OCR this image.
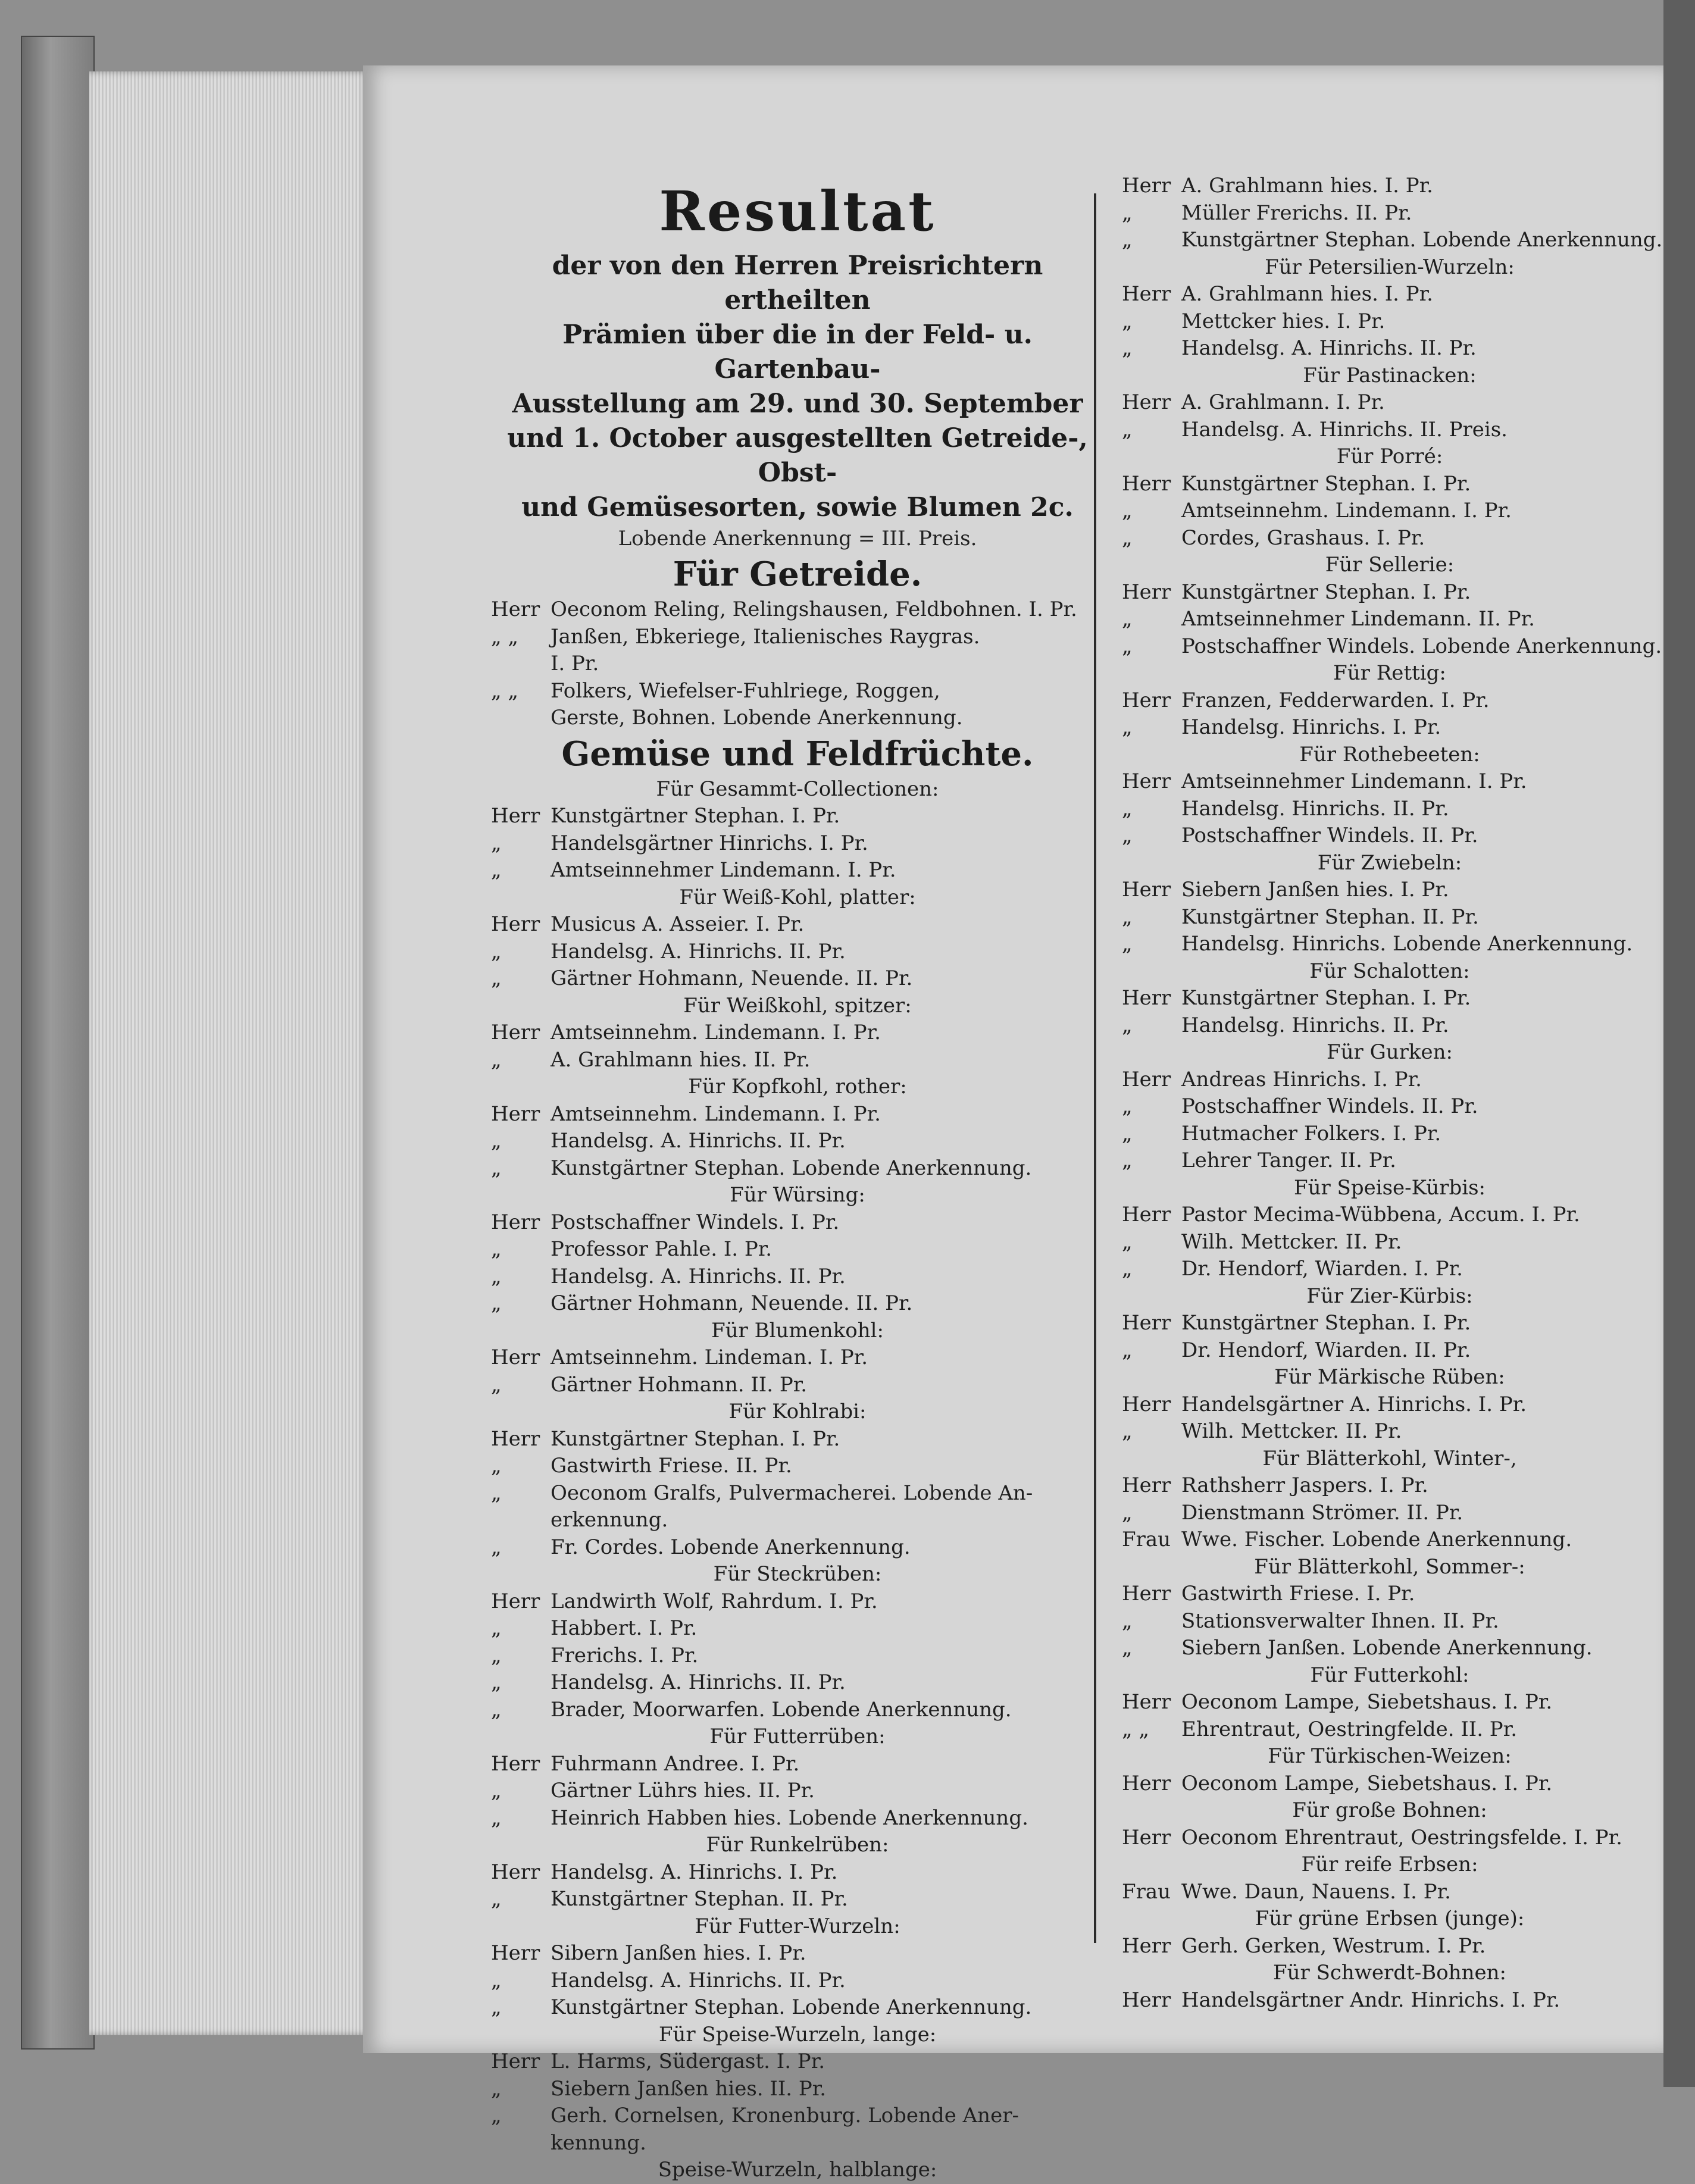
Resultat
der von den Herren Preisrichtern ertheilten
Prämien über die in der Feld- u. Gartenbau-
Ausstellung am 29. und 30. September
und 1. October ausgestellten Getreide-, Obst-
und Gemüsesorten, sowie Blumen 2c.
Lobende Anerkennung = III. Preis.
Für Getreide.
Herr Oeconom Reling, Relingshausen, Feldbohnen. I. Pr.
„ „	Janßen, Ebkeriege, Italienisches Raygras.
I. Pr.
„ „	Folkers, Wiefelser-Fuhlriege, Roggen,
Gerste, Bohnen. Lobende Anerkennung.
Gemüse und Feldfrüchte.
Für Gesammt-Collectionen:
Herr Kunstgärtner Stephan. I. Pr.
„	Handelsgärtner Hinrichs. I. Pr.
„	Amtseinnehmer Lindemann. I. Pr.
Für Weiß-Kohl, platter:
Herr Musicus A. Asseier. I. Pr.
„	Handelsg. A. Hinrichs. II. Pr.
„	Gärtner Hohmann, Neuende. II. Pr.
Für Weißkohl, spitzer:
Herr Amtseinnehm. Lindemann. I. Pr.
„	A. Grahlmann hies. II. Pr.
Für Kopfkohl, rother:
Herr Amtseinnehm. Lindemann. I. Pr.
„	Handelsg. A. Hinrichs. II. Pr.
„	Kunstgärtner Stephan. Lobende Anerkennung.
Für Würsing:
Herr Postschaffner Windels. I. Pr.
„	Professor Pahle. I. Pr.
„	Handelsg. A. Hinrichs. II. Pr.
„	Gärtner Hohmann, Neuende. II. Pr.
Für Blumenkohl:
Herr Amtseinnehm. Lindeman. I. Pr.
„	Gärtner Hohmann. II. Pr.
Für Kohlrabi:
Herr Kunstgärtner Stephan. I. Pr.
„	Gastwirth Friese. II. Pr.
„	Oeconom Gralfs, Pulvermacherei. Lobende An-
erkennung.
„	Fr. Cordes. Lobende Anerkennung.
Für Steckrüben:
Herr Landwirth Wolf, Rahrdum. I. Pr.
„	Habbert. I. Pr.
„	Frerichs. I. Pr.
„	Handelsg. A. Hinrichs. II. Pr.
„	Brader, Moorwarfen. Lobende Anerkennung.
Für Futterrüben:
Herr Fuhrmann Andree. I. Pr.
„	Gärtner Lührs hies. II. Pr.
„	Heinrich Habben hies. Lobende Anerkennung.
Für Runkelrüben:
Herr Handelsg. A. Hinrichs. I. Pr.
„	Kunstgärtner Stephan. II. Pr.
Für Futter-Wurzeln:
Herr Sibern Janßen hies. I. Pr.
„	Handelsg. A. Hinrichs. II. Pr.
„	Kunstgärtner Stephan. Lobende Anerkennung.
Für Speise-Wurzeln, lange:
Herr L. Harms, Südergast. I. Pr.
„	Siebern Janßen hies. II. Pr.
„	Gerh. Cornelsen, Kronenburg. Lobende Aner-
kennung.
Speise-Wurzeln, halblange:
Herr A. Grahlmann hies. I. Pr.
„	Müller Frerichs. II. Pr.
„	Kunstgärtner Stephan. Lobende Anerkennung.
Für Petersilien-Wurzeln:
Herr A. Grahlmann hies. I. Pr.
„	Mettcker hies. I. Pr.
„	Handelsg. A. Hinrichs. II. Pr.
Für Pastinacken:
Herr A. Grahlmann. I. Pr.
„	Handelsg. A. Hinrichs. II. Preis.
Für Porré:
Herr Kunstgärtner Stephan. I. Pr.
„	Amtseinnehm. Lindemann. I. Pr.
„	Cordes, Grashaus. I. Pr.
Für Sellerie:
Herr Kunstgärtner Stephan. I. Pr.
„	Amtseinnehmer Lindemann. II. Pr.
„	Postschaffner Windels. Lobende Anerkennung.
Für Rettig:
Herr Franzen, Fedderwarden. I. Pr.
„	Handelsg. Hinrichs. I. Pr.
Für Rothebeeten:
Herr Amtseinnehmer Lindemann. I. Pr.
„	Handelsg. Hinrichs. II. Pr.
„	Postschaffner Windels. II. Pr.
Für Zwiebeln:
Herr Siebern Janßen hies. I. Pr.
„	Kunstgärtner Stephan. II. Pr.
„	Handelsg. Hinrichs. Lobende Anerkennung.
Für Schalotten:
Herr Kunstgärtner Stephan. I. Pr.
„	Handelsg. Hinrichs. II. Pr.
Für Gurken:
Herr Andreas Hinrichs. I. Pr.
„	Postschaffner Windels. II. Pr.
„	Hutmacher Folkers. I. Pr.
„	Lehrer Tanger. II. Pr.
Für Speise-Kürbis:
Herr Pastor Mecima-Wübbena, Accum. I. Pr.
„	Wilh. Mettcker. II. Pr.
„	Dr. Hendorf, Wiarden. I. Pr.
Für Zier-Kürbis:
Herr Kunstgärtner Stephan. I. Pr.
„	Dr. Hendorf, Wiarden. II. Pr.
Für Märkische Rüben:
Herr Handelsgärtner A. Hinrichs. I. Pr.
„	Wilh. Mettcker. II. Pr.
Für Blätterkohl, Winter-,
Herr Rathsherr Jaspers. I. Pr.
„	Dienstmann Strömer. II. Pr.
Frau Wwe. Fischer. Lobende Anerkennung.
Für Blätterkohl, Sommer-:
Herr Gastwirth Friese. I. Pr.
„	Stationsverwalter Ihnen. II. Pr.
„	Siebern Janßen. Lobende Anerkennung.
Für Futterkohl:
Herr Oeconom Lampe, Siebetshaus. I. Pr.
„ „	Ehrentraut, Oestringfelde. II. Pr.
Für Türkischen-Weizen:
Herr Oeconom Lampe, Siebetshaus. I. Pr.
Für große Bohnen:
Herr Oeconom Ehrentraut, Oestringsfelde. I. Pr.
Für reife Erbsen:
Frau Wwe. Daun, Nauens. I. Pr.
Für grüne Erbsen (junge):
Herr Gerh. Gerken, Westrum. I. Pr.
Für Schwerdt-Bohnen:
Herr Handelsgärtner Andr. Hinrichs. I. Pr.
